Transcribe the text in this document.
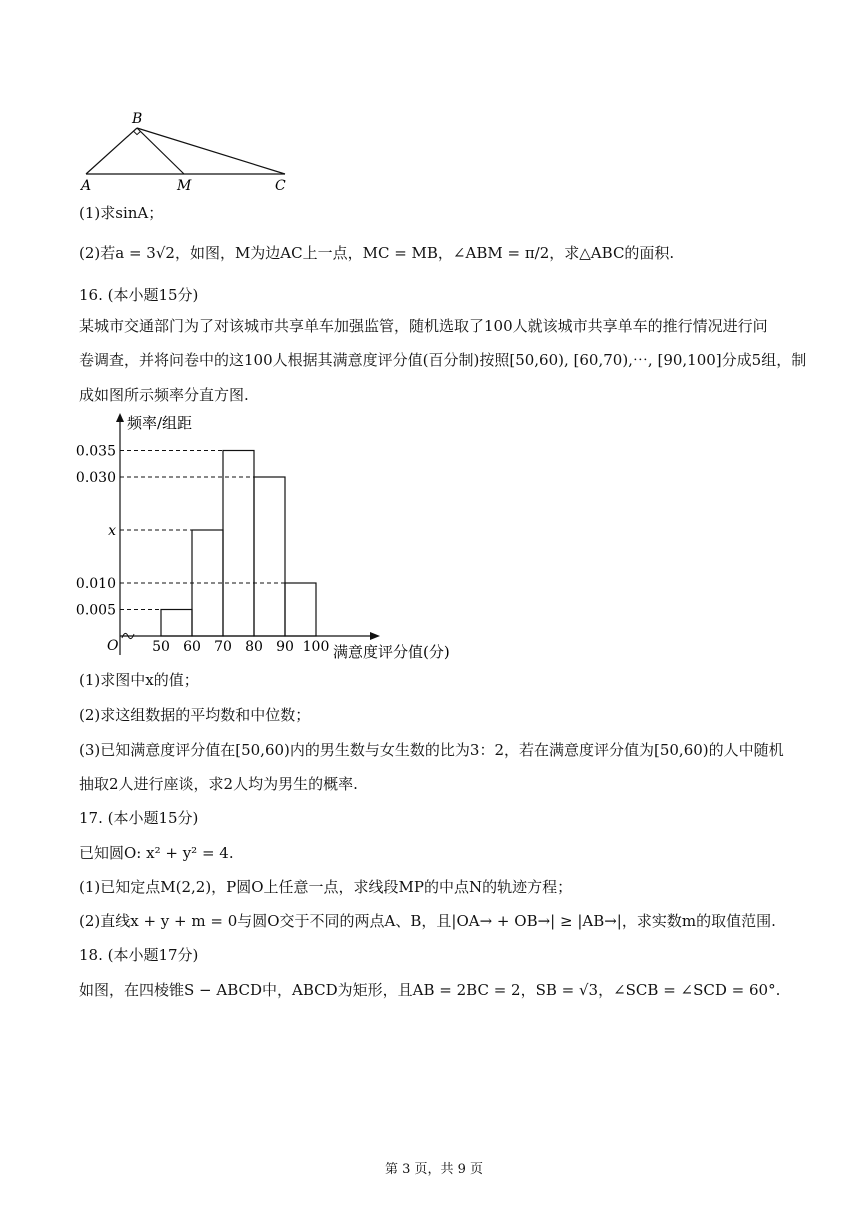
B
A	M	C
(1)求sinA；
(2)若a = 3√2，如图，M为边AC上一点，MC = MB，∠ABM = π/2，求△ABC的面积.
16. (本小题15分)
某城市交通部门为了对该城市共享单车加强监管，随机选取了100人就该城市共享单车的推行情况进行问
卷调查，并将问卷中的这100人根据其满意度评分值(百分制)按照[50,60), [60,70),⋯, [90,100]分成5组，制
成如图所示频率分直方图.
频率/组距
满意度评分值(分)
O
0.005
0.010
x
0.030
0.035
50 60 70 80 90 100
(1)求图中x的值；
(2)求这组数据的平均数和中位数；
(3)已知满意度评分值在[50,60)内的男生数与女生数的比为3：2，若在满意度评分值为[50,60)的人中随机
抽取2人进行座谈，求2人均为男生的概率.
17. (本小题15分)
已知圆O: x² + y² = 4.
(1)已知定点M(2,2)，P圆O上任意一点，求线段MP的中点N的轨迹方程；
(2)直线x + y + m = 0与圆O交于不同的两点A、B，且|OA→ + OB→| ≥ |AB→|，求实数m的取值范围.
18. (本小题17分)
如图，在四棱锥S − ABCD中，ABCD为矩形，且AB = 2BC = 2，SB = √3，∠SCB = ∠SCD = 60°.
第 3 页，共 9 页
